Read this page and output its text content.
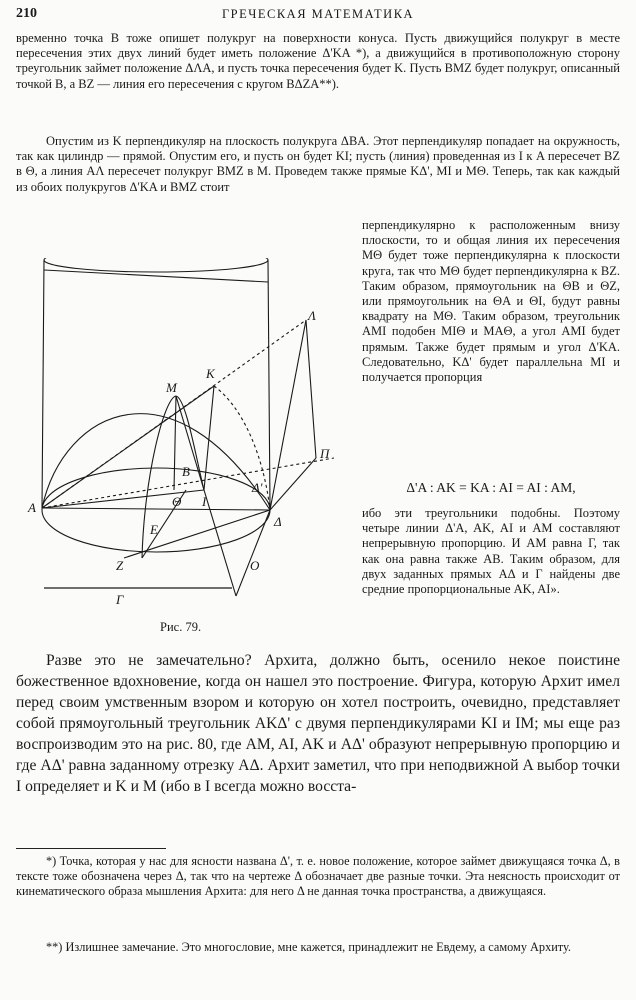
210	ГРЕЧЕСКАЯ МАТЕМАТИКА
временно точка B тоже опишет полукруг на поверхности конуса. Пусть движущийся полукруг в месте пересечения этих двух линий будет иметь положение Δ'KA *), а движущийся в противоположную сторону треугольник займет положение ΔΛA, и пусть точка пересечения будет K. Пусть BMZ будет полукруг, описанный точкой B, а BZ — линия его пересечения с кругом BΔZA**).
Опустим из K перпендикуляр на плоскость полукруга ΔBA. Этот перпендикуляр попадает на окружность, так как цилиндр — прямой. Опустим его, и пусть он будет KI; пусть (линия) проведенная из I к A пересечет BZ в Θ, а линия AΛ пересечет полукруг BMZ в M. Проведем также прямые KΔ', MI и MΘ. Теперь, так как каждый из обоих полукругов Δ'KA и BMZ стоит
перпендикулярно к расположенным внизу плоскости, то и общая линия их пересечения MΘ будет тоже перпендикулярна к плоскости круга, так что MΘ будет перпендикулярна к BZ. Таким образом, прямоугольник на ΘB и ΘZ, или прямоугольник на ΘA и ΘI, будут равны квадрату на MΘ. Таким образом, треугольник AMI подобен MIΘ и MAΘ, а угол AMI будет прямым. Также будет прямым и угол Δ'KA. Следовательно, KΔ' будет параллельна MI и получается пропорция
Δ'A : AK = KA : AI = AI : AM,
ибо эти треугольники подобны. Поэтому четыре линии Δ'A, AK, AI и AM составляют непрерывную пропорцию. И AM равна Γ, так как она равна также AB. Таким образом, для двух заданных прямых AΔ и Γ найдены две средние пропорциональные AK, AI».
A
K
M
B
Θ I
E
Z	O
Δ
Δ'
Π
Λ
Γ
Рис. 79.
Разве это не замечательно? Архита, должно быть, осенило некое поистине божественное вдохновение, когда он нашел это построение. Фигура, которую Архит имел перед своим умственным взором и которую он хотел построить, очевидно, представляет собой прямоугольный треугольник AKΔ' с двумя перпендикулярами KI и IM; мы еще раз воспроизводим это на рис. 80, где AM, AI, AK и AΔ' образуют непрерывную пропорцию и где AΔ' равна заданному отрезку AΔ. Архит заметил, что при неподвижной A выбор точки I определяет и K и M (ибо в I всегда можно восста-
*) Точка, которая у нас для ясности названа Δ', т. е. новое положение, которое займет движущаяся точка Δ, в тексте тоже обозначена через Δ, так что на чертеже Δ обозначает две разные точки. Эта неясность происходит от кинематического образа мышления Архита: для него Δ не данная точка пространства, а движущаяся.
**) Излишнее замечание. Это многословие, мне кажется, принадлежит не Евдему, а самому Архиту.
